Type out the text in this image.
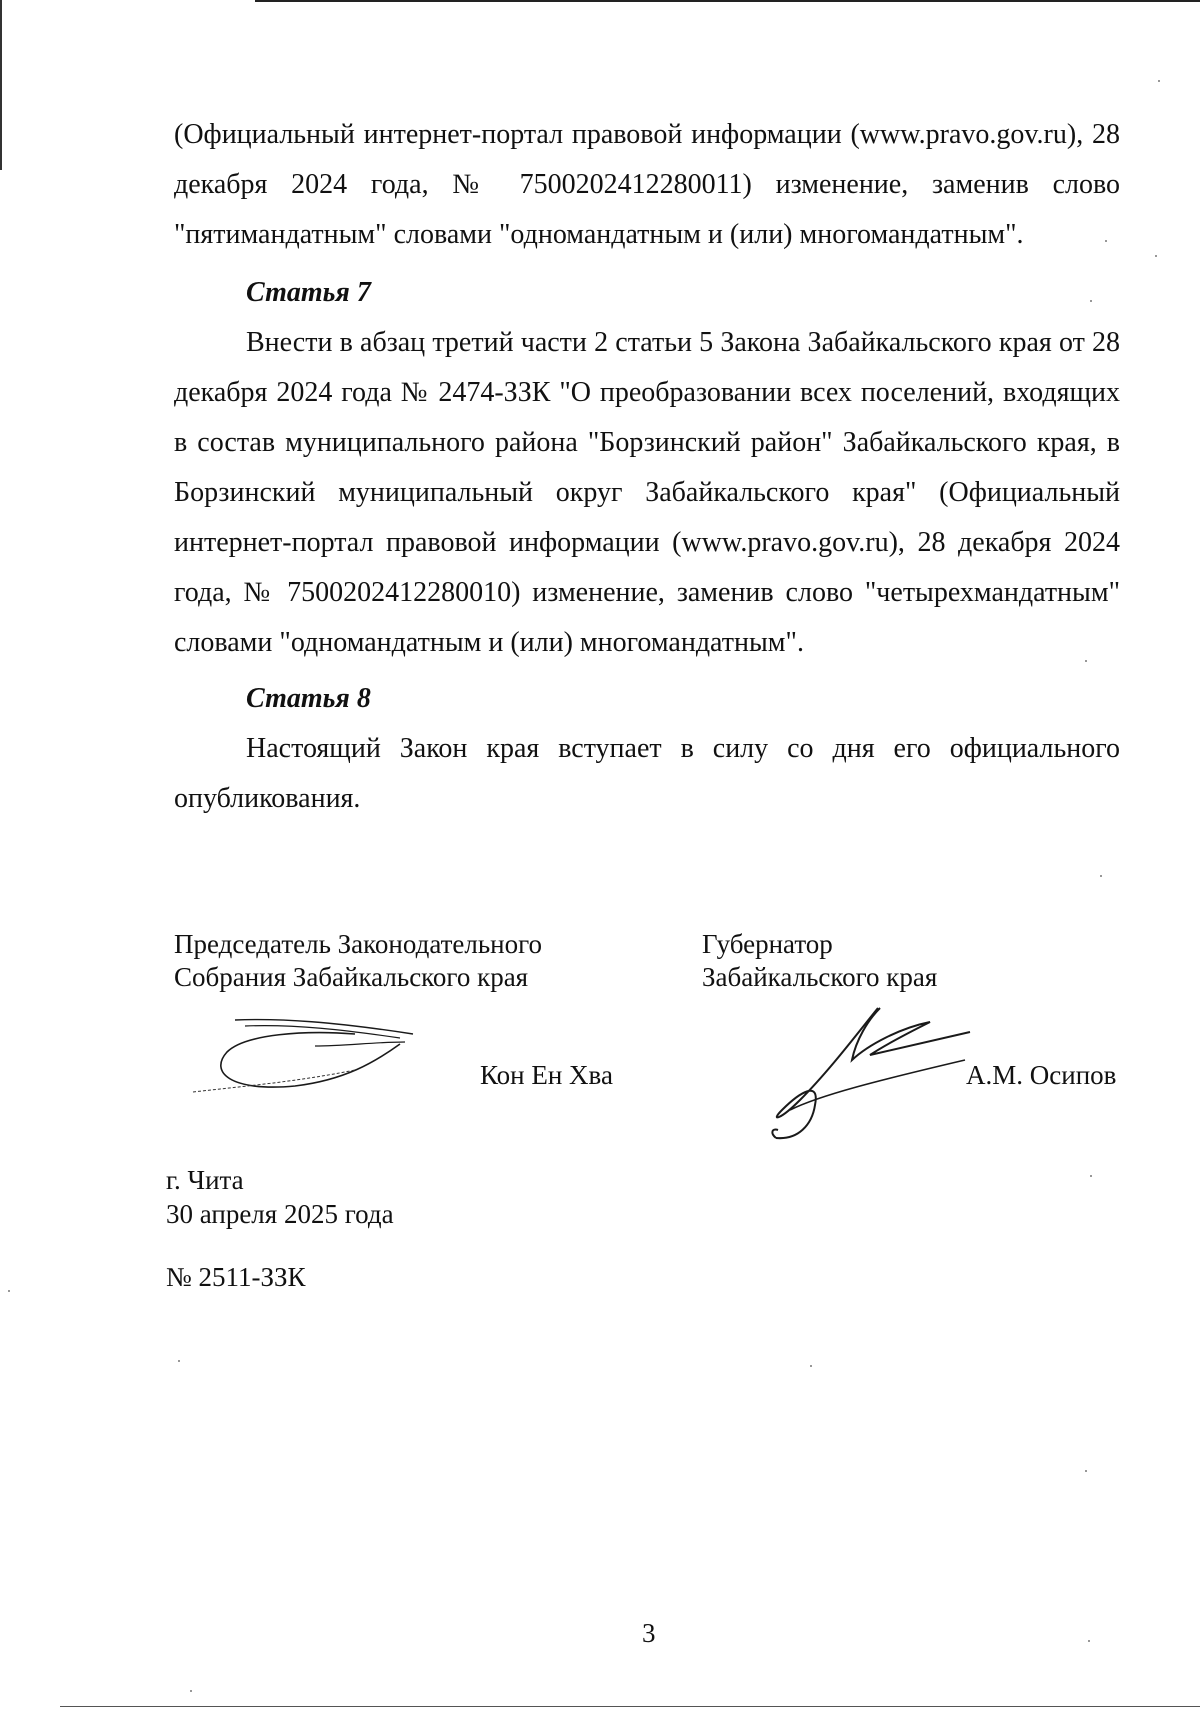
(Официальный интернет-портал правовой информации (www.pravo.gov.ru), 28 декабря 2024 года, № 7500202412280011) изменение, заменив слово "пятимандатным" словами "одномандатным и (или) многомандатным".

Статья 7

Внести в абзац третий части 2 статьи 5 Закона Забайкальского края от 28 декабря 2024 года № 2474-ЗЗК "О преобразовании всех поселений, входящих в состав муниципального района "Борзинский район" Забайкальского края, в Борзинский муниципальный округ Забайкальского края" (Официальный интернет-портал правовой информации (www.pravo.gov.ru), 28 декабря 2024 года, № 7500202412280010) изменение, заменив слово "четырехмандатным" словами "одномандатным и (или) многомандатным".

Статья 8

Настоящий Закон края вступает в силу со дня его официального опубликования.

Председатель Законодательного

Собрания Забайкальского края

Кон Ен Хва

Губернатор

Забайкальского края

А.М. Осипов

г. Чита

30 апреля 2025 года

№ 2511-ЗЗК

3
